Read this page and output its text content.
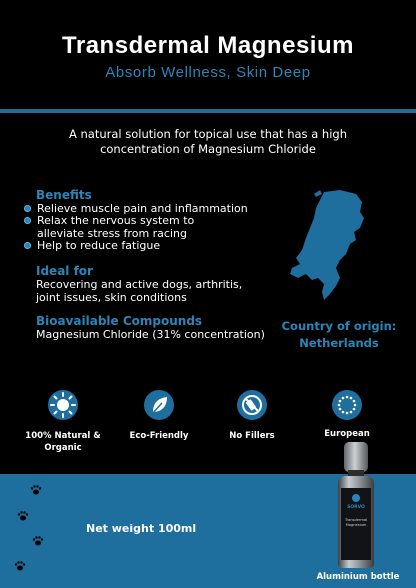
Transdermal Magnesium
Absorb Wellness, Skin Deep
A natural solution for topical use that has a high concentration of Magnesium Chloride
Benefits
Relieve muscle pain and inflammation
Relax the nervous system to alleviate stress from racing
Help to reduce fatigue
Ideal for
Recovering and active dogs, arthritis, joint issues, skin conditions
Bioavailable Compounds
Magnesium Chloride (31% concentration)
Country of origin:
Netherlands
100% Natural & Organic
Eco-Friendly	No Fillers	European
Net weight 100ml
SORVO
Transdermal Magnesium
Aluminium bottle
